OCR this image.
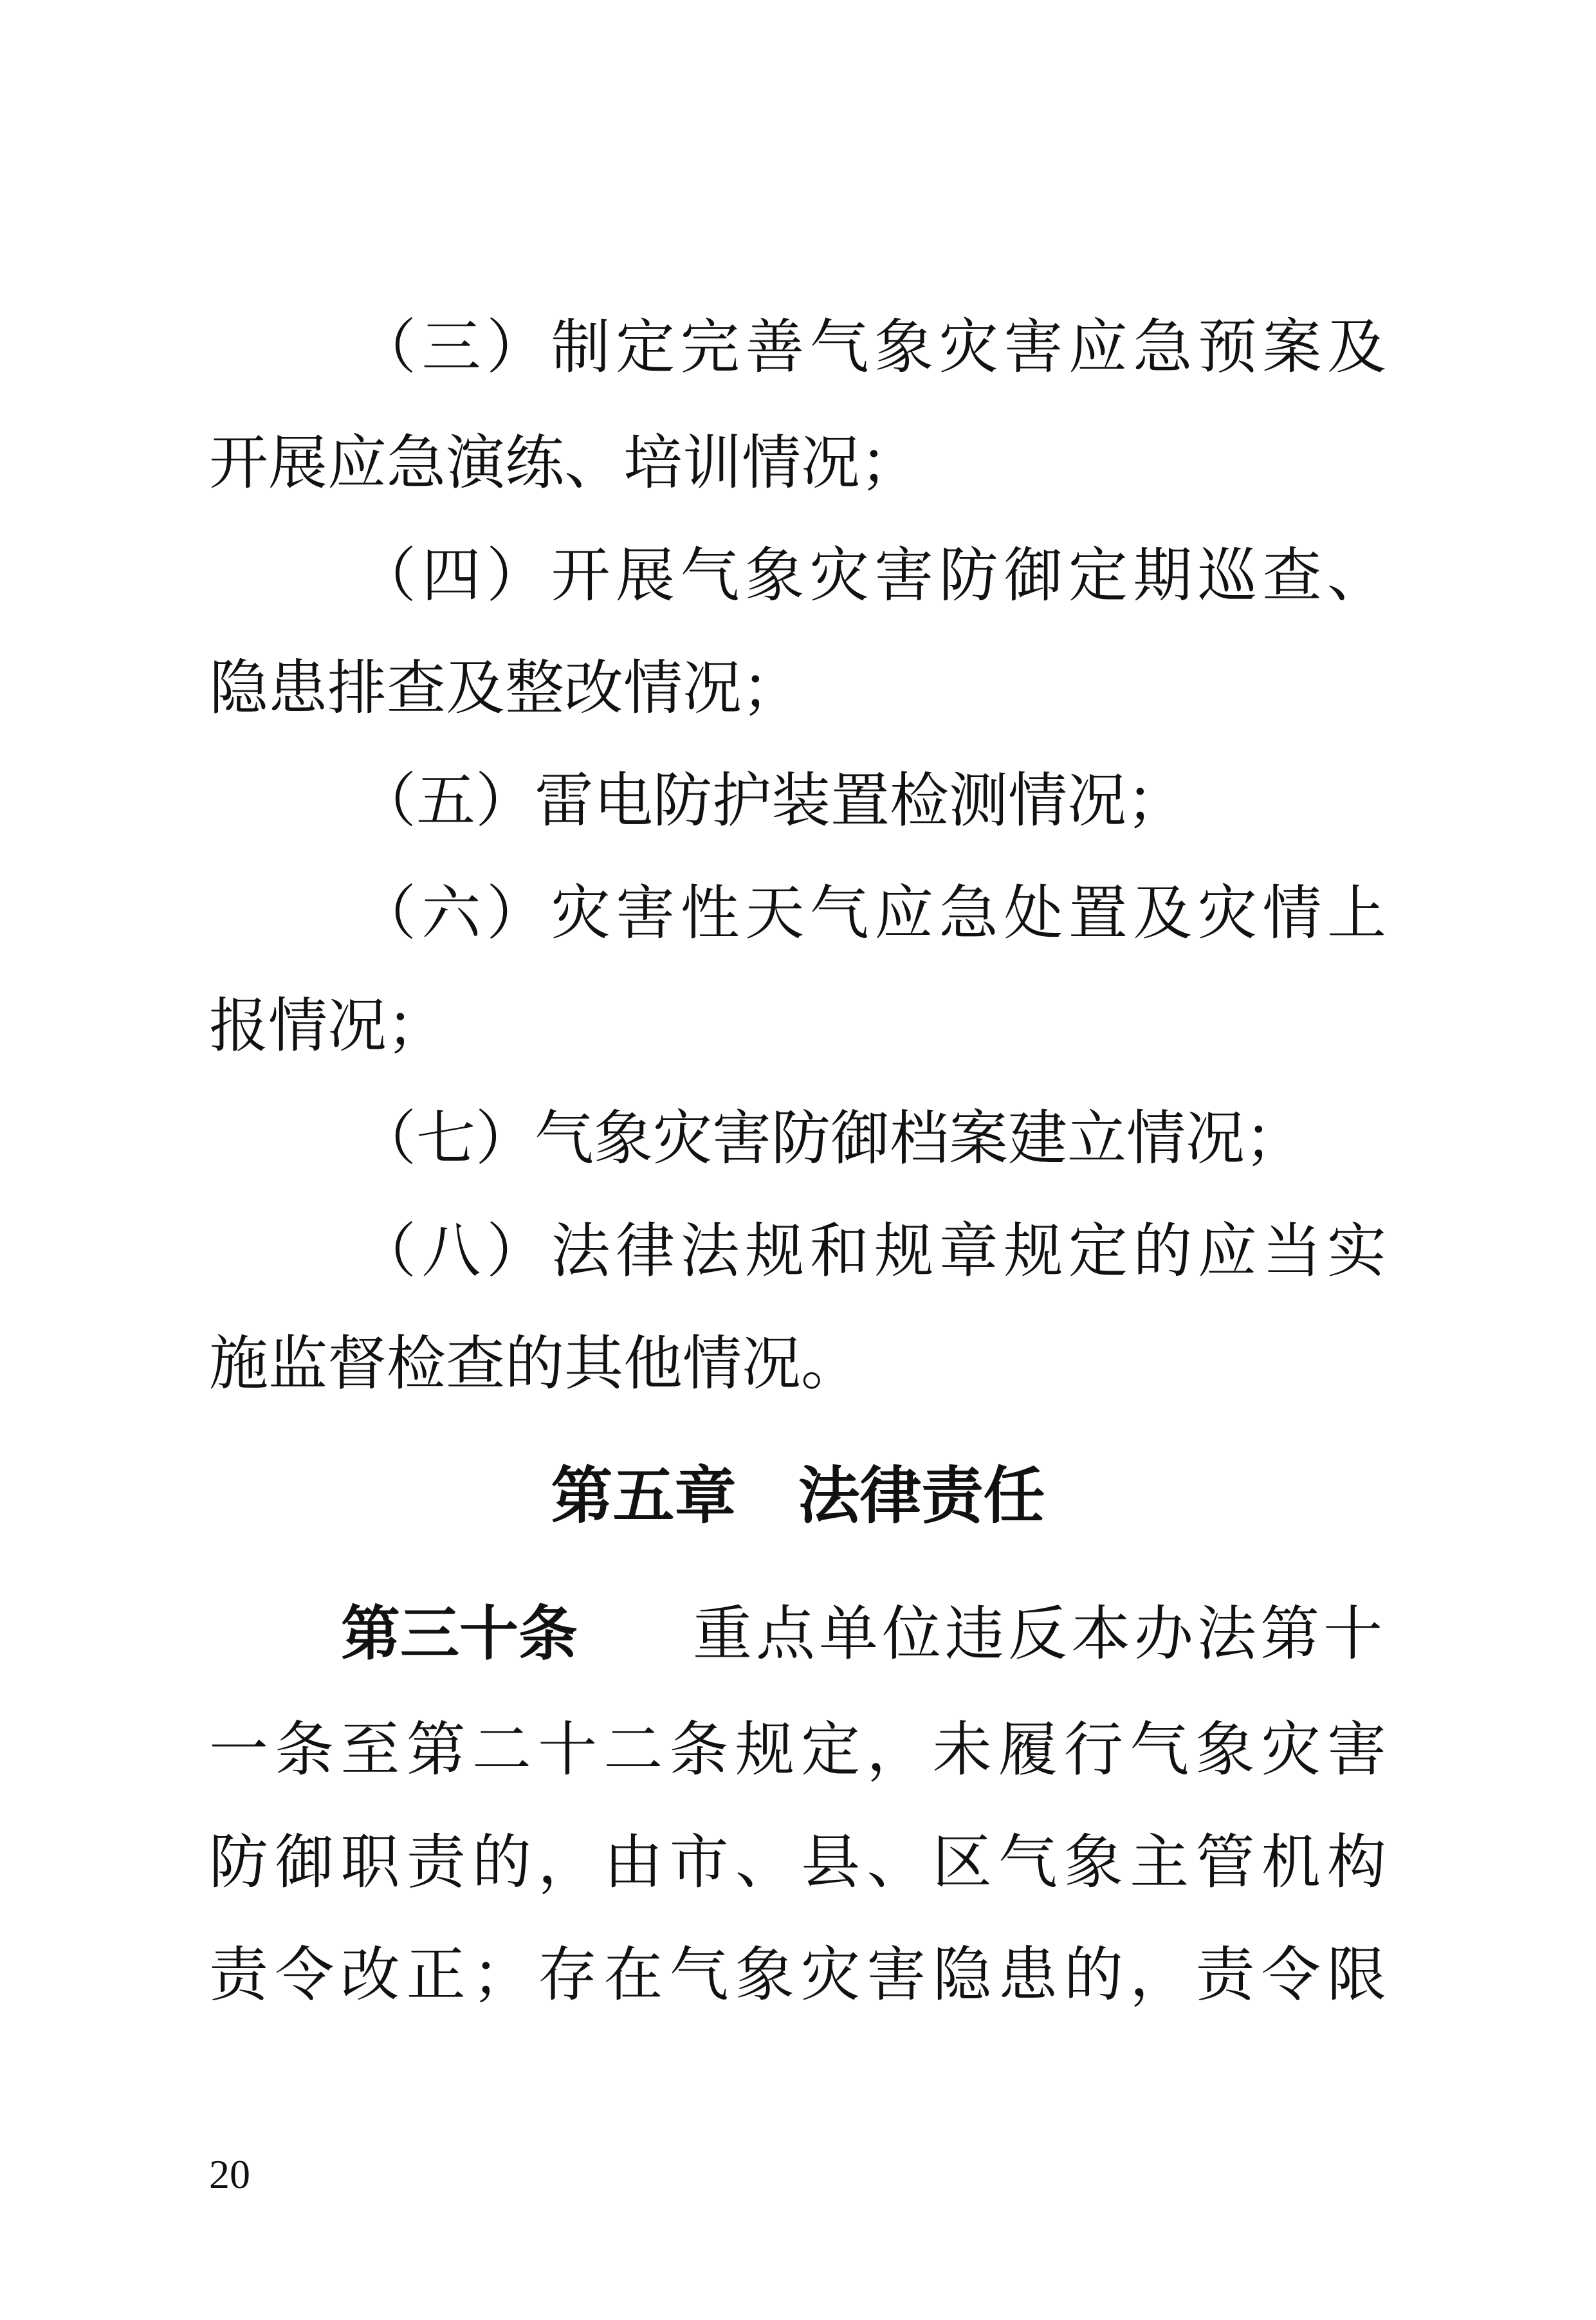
（三）制定完善气象灾害应急预案及
开展应急演练、培训情况；
（四）开展气象灾害防御定期巡查、
隐患排查及整改情况；
（五）雷电防护装置检测情况；
（六）灾害性天气应急处置及灾情上
报情况；
（七）气象灾害防御档案建立情况；
（八）法律法规和规章规定的应当实
施监督检查的其他情况。
第五章　法律责任
第三十条 重点单位违反本办法第十
一条至第二十二条规定，未履行气象灾害
防御职责的，由市、县、区气象主管机构
责令改正；存在气象灾害隐患的，责令限
20
